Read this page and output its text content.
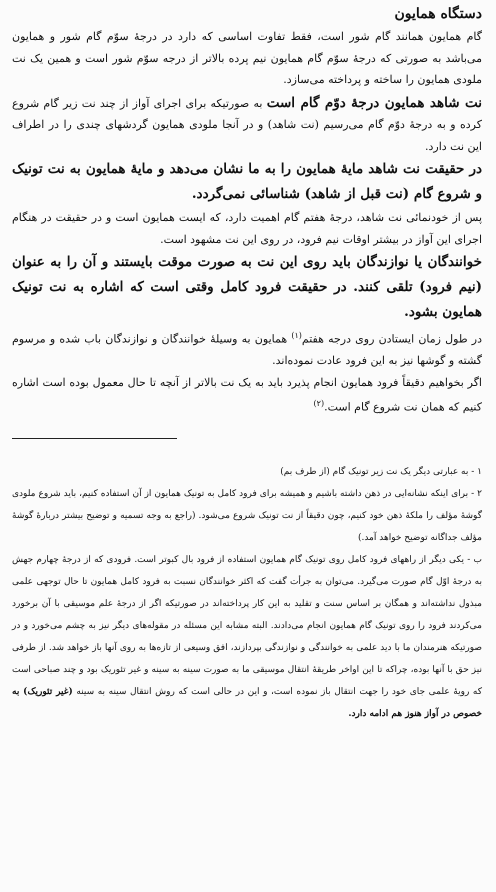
دستگاه همایون

گام همایون همانند گام شور است، فقط تفاوت اساسی که دارد در درجهٔ سوّم گام شور و همایون می‌باشد به صورتی که درجهٔ سوّم گام همایون نیم پرده بالاتر از درجه سوّم شور است و همین یک نت ملودی همایون را ساخته و پرداخته می‌سازد.

نت شاهد همایون درجهٔ دوّم گام است به صورتیکه برای اجرای آواز از چند نت زیر گام شروع کرده و به درجهٔ دوّم گام می‌رسیم (نت شاهد) و در آنجا ملودی همایون گردشهای چندی را در اطراف این نت دارد.

در حقیقت نت شاهد مایهٔ همایون را به ما نشان می‌دهد و مایهٔ همایون به نت تونیک و شروع گام (نت قبل از شاهد) شناسائی نمی‌گردد.

پس از خودنمائی نت شاهد، درجهٔ هفتم گام اهمیت دارد، که ایست همایون است و در حقیقت در هنگام اجرای این آواز در بیشتر اوقات نیم فرود، در روی این نت مشهود است.

خوانندگان یا نوازندگان باید روی این نت به صورت موقت بایستند و آن را به عنوان (نیم فرود) تلقی کنند. در حقیقت فرود کامل وقتی است که اشاره به نت تونیک همایون بشود.

در طول زمان ایستادن روی درجه هفتم$^{(۱)}$ همایون به وسیلهٔ خوانندگان و نوازندگان باب شده و مرسوم گشته و گوشها نیز به این فرود عادت نموده‌اند.

اگر بخواهیم دقیقاً فرود همایون انجام پذیرد باید به یک نت بالاتر از آنچه تا حال معمول بوده است اشاره کنیم که همان نت شروع گام است.$^{(۲)}$

۱ - به عبارتی دیگر یک نت زیر تونیک گام (از طرف بم)

۲ - برای اینکه نشانه‌ایی در ذهن داشته باشیم و همیشه برای فرود کامل به تونیک همایون از آن استفاده کنیم، باید شروع ملودی گوشهٔ مؤلف را ملکهٔ ذهن خود کنیم، چون دقیقاً از نت تونیک شروع می‌شود. (راجع به وجه تسمیه و توضیح بیشتر دربارهٔ گوشهٔ مؤلف جداگانه توضیح خواهد آمد.)

ب - یکی دیگر از راههای فرود کامل روی تونیک گام همایون استفاده از فرود بال کبوتر است. فرودی که از درجهٔ چهارم جهش به درجهٔ اوّل گام صورت می‌گیرد. می‌توان به جرأت گفت که اکثر خوانندگان نسبت به فرود کامل همایون تا حال توجهی علمی مبذول نداشته‌اند و همگان بر اساس سنت و تقلید به این کار پرداخته‌اند در صورتیکه اگر از درجهٔ علم موسیقی با آن برخورد می‌کردند فرود را روی تونیک گام همایون انجام می‌دادند. البته مشابه این مسئله در مقوله‌های دیگر نیز به چشم می‌خورد و در صورتیکه هنرمندان ما با دید علمی به خوانندگی و نوازندگی بپردازند، افق وسیعی از تازه‌ها به روی آنها باز خواهد شد. از طرفی نیز حق با آنها بوده، چراکه تا این اواخر طریقهٔ انتقال موسیقی ما به صورت سینه به سینه و غیر تئوریک بود و چند صباحی است که رویهٔ علمی جای خود را جهت انتقال باز نموده است، و این در حالی است که روش انتقال سینه به سینه (غیر تئوریک) به خصوص در آواز هنوز هم ادامه دارد.
